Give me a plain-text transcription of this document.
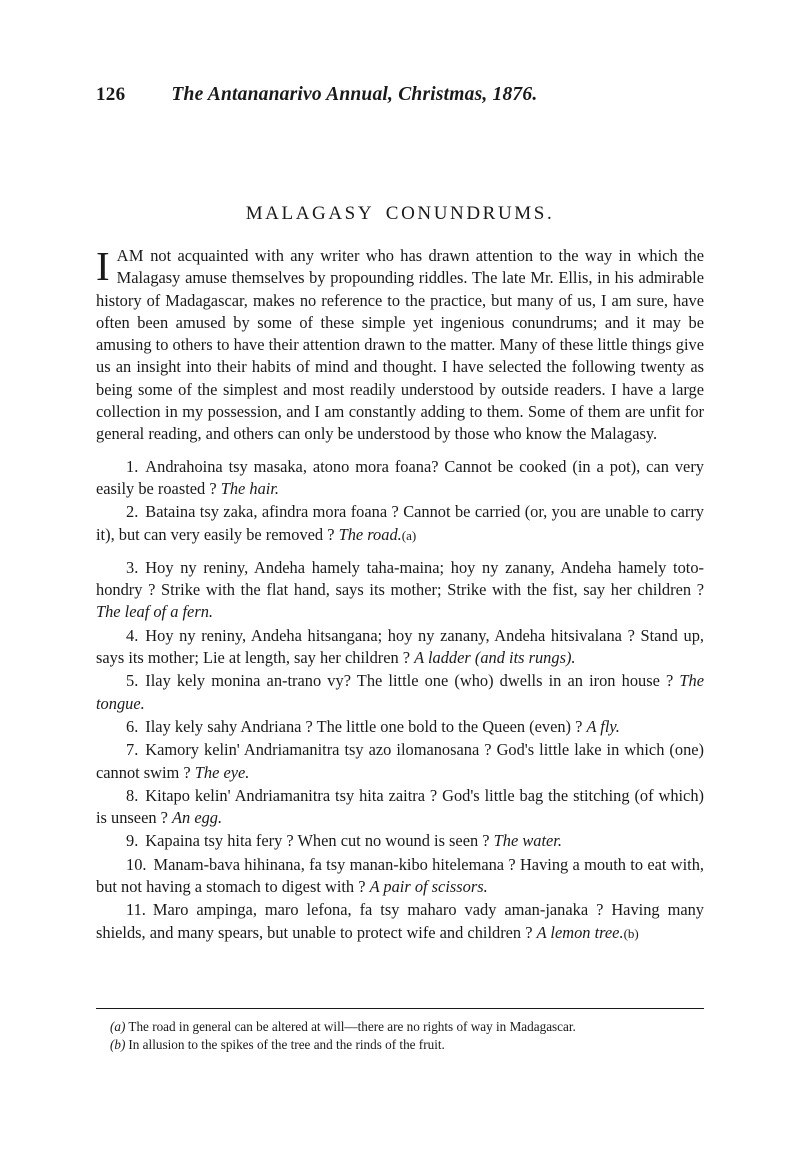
126 The Antananarivo Annual, Christmas, 1876.
MALAGASY CONUNDRUMS.

IAM not acquainted with any writer who has drawn attention to the way in which the Malagasy amuse themselves by propounding riddles. The late Mr. Ellis, in his admirable history of Madagascar, makes no reference to the practice, but many of us, I am sure, have often been amused by some of these simple yet ingenious conundrums; and it may be amusing to others to have their attention drawn to the matter. Many of these little things give us an insight into their habits of mind and thought. I have selected the following twenty as being some of the simplest and most readily understood by outside readers. I have a large collection in my possession, and I am constantly adding to them. Some of them are unfit for general reading, and others can only be understood by those who know the Malagasy.

1. Andrahoina tsy masaka, atono mora foana? Cannot be cooked (in a pot), can very easily be roasted ? The hair.

2. Bataina tsy zaka, afindra mora foana ? Cannot be carried (or, you are unable to carry it), but can very easily be removed ? The road.(a)

3. Hoy ny reniny, Andeha hamely taha-maina; hoy ny zanany, Andeha hamely toto-hondry ? Strike with the flat hand, says its mother; Strike with the fist, say her children ? The leaf of a fern.

4. Hoy ny reniny, Andeha hitsangana; hoy ny zanany, Andeha hitsivalana ? Stand up, says its mother; Lie at length, say her children ? A ladder (and its rungs).

5. Ilay kely monina an-trano vy? The little one (who) dwells in an iron house ? The tongue.

6. Ilay kely sahy Andriana ? The little one bold to the Queen (even) ? A fly.

7. Kamory kelin' Andriamanitra tsy azo ilomanosana ? God's little lake in which (one) cannot swim ? The eye.

8. Kitapo kelin' Andriamanitra tsy hita zaitra ? God's little bag the stitching (of which) is unseen ? An egg.

9. Kapaina tsy hita fery ? When cut no wound is seen ? The water.

10. Manam-bava hihinana, fa tsy manan-kibo hitelemana ? Having a mouth to eat with, but not having a stomach to digest with ? A pair of scissors.

11. Maro ampinga, maro lefona, fa tsy maharo vady aman-janaka ? Having many shields, and many spears, but unable to protect wife and children ? A lemon tree.(b)

(a) The road in general can be altered at will—there are no rights of way in Madagascar.

(b) In allusion to the spikes of the tree and the rinds of the fruit.
